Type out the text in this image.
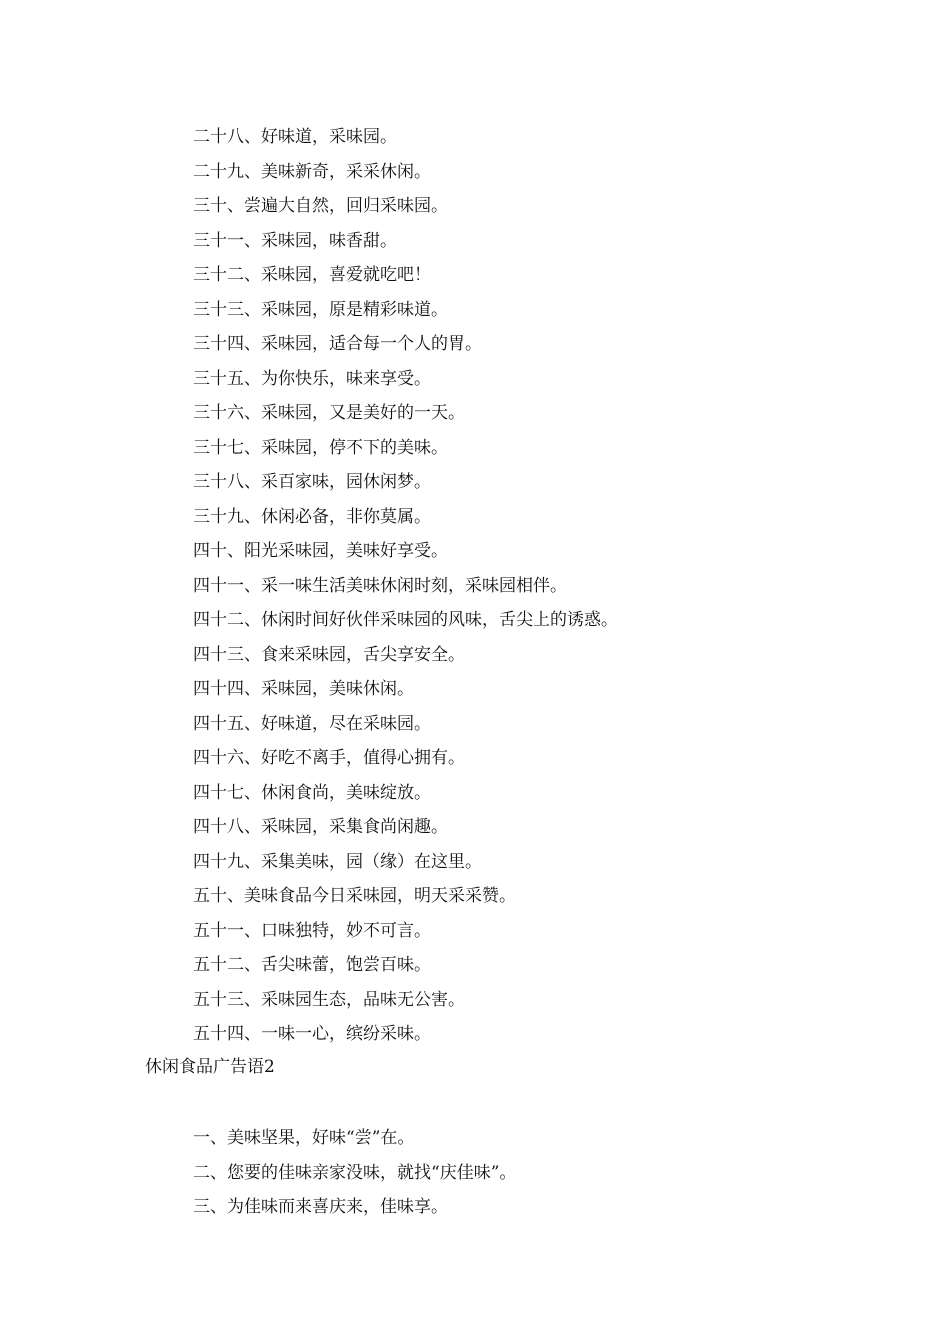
二十八、好味道，采味园。
二十九、美味新奇，采采休闲。
三十、尝遍大自然，回归采味园。
三十一、采味园，味香甜。
三十二、采味园，喜爱就吃吧！
三十三、采味园，原是精彩味道。
三十四、采味园，适合每一个人的胃。
三十五、为你快乐，味来享受。
三十六、采味园，又是美好的一天。
三十七、采味园，停不下的美味。
三十八、采百家味，园休闲梦。
三十九、休闲必备，非你莫属。
四十、阳光采味园，美味好享受。
四十一、采一味生活美味休闲时刻，采味园相伴。
四十二、休闲时间好伙伴采味园的风味，舌尖上的诱惑。
四十三、食来采味园，舌尖享安全。
四十四、采味园，美味休闲。
四十五、好味道，尽在采味园。
四十六、好吃不离手，值得心拥有。
四十七、休闲食尚，美味绽放。
四十八、采味园，采集食尚闲趣。
四十九、采集美味，园（缘）在这里。
五十、美味食品今日采味园，明天采采赞。
五十一、口味独特，妙不可言。
五十二、舌尖味蕾，饱尝百味。
五十三、采味园生态，品味无公害。
五十四、一味一心，缤纷采味。
休闲食品广告语2
一、美味坚果，好味“尝”在。
二、您要的佳味亲家没味，就找“庆佳味”。
三、为佳味而来喜庆来，佳味享。
